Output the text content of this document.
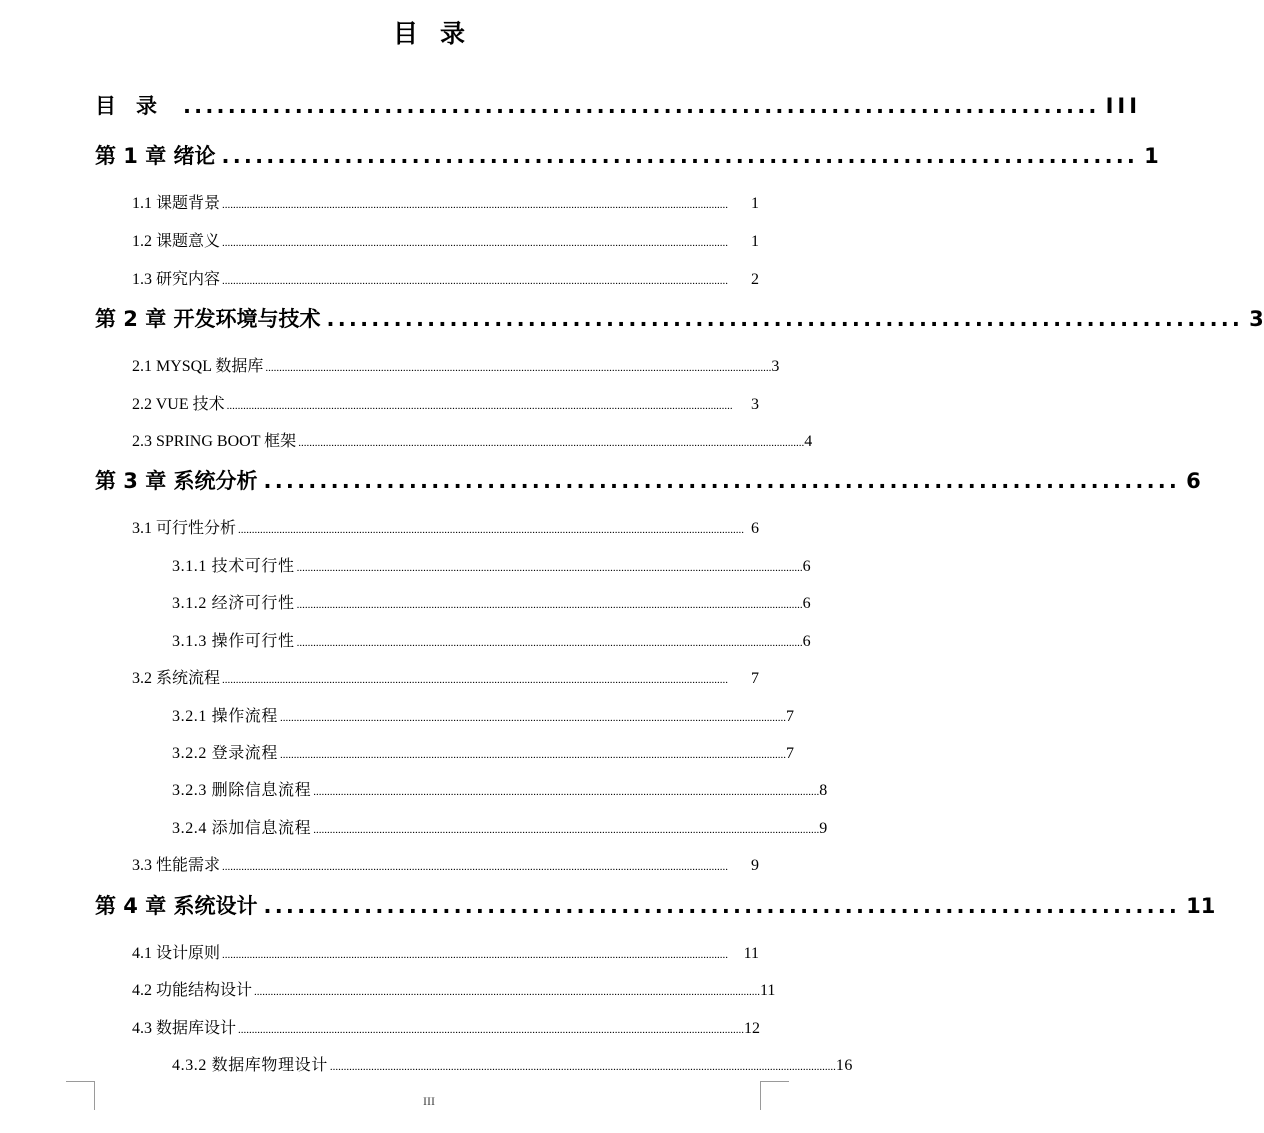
目录
目录 .................................................................................. III
第 1 章 绪论 .................................................................................. 1
1.1 课题背景 ........................................................................................................................................................................................	1
1.2 课题意义 ........................................................................................................................................................................................	1
1.3 研究内容 ........................................................................................................................................................................................	2
第 2 章 开发环境与技术 .................................................................................. 3
2.1 MYSQL 数据库 ........................................................................................................................................................................................ 3
2.2 VUE 技术 ........................................................................................................................................................................................	3
2.3 SPRING BOOT 框架 ........................................................................................................................................................................................ 4
第 3 章 系统分析 .................................................................................. 6
3.1 可行性分析 ........................................................................................................................................................................................ 6
3.1.1 技术可行性 ........................................................................................................................................................................................ 6
3.1.2 经济可行性 ........................................................................................................................................................................................ 6
3.1.3 操作可行性 ........................................................................................................................................................................................ 6
3.2 系统流程 ........................................................................................................................................................................................	7
3.2.1 操作流程 ........................................................................................................................................................................................ 7
3.2.2 登录流程 ........................................................................................................................................................................................ 7
3.2.3 删除信息流程 ........................................................................................................................................................................................ 8
3.2.4 添加信息流程 ........................................................................................................................................................................................ 9
3.3 性能需求 ........................................................................................................................................................................................	9
第 4 章 系统设计 .................................................................................. 11
4.1 设计原则 ........................................................................................................................................................................................ 11
4.2 功能结构设计 ........................................................................................................................................................................................ 11
4.3 数据库设计 ........................................................................................................................................................................................ 12
4.3.2 数据库物理设计 ........................................................................................................................................................................................ 16
III
